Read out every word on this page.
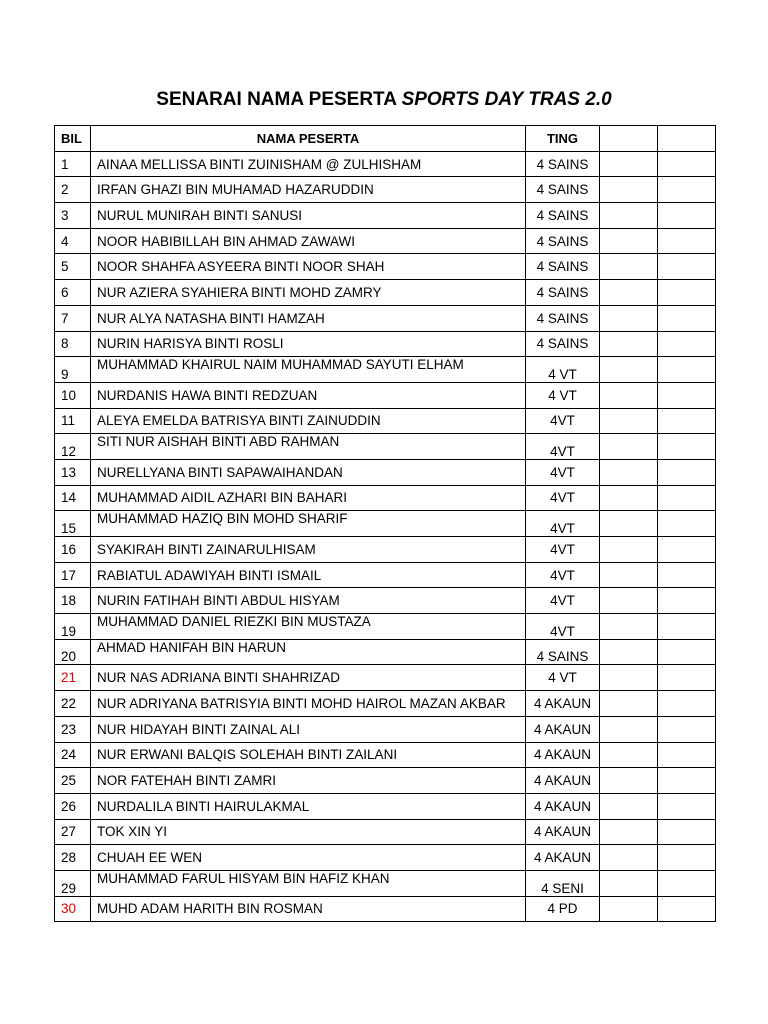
SENARAI NAMA PESERTA SPORTS DAY TRAS 2.0
BIL	NAMA PESERTA	TING		
1	AINAA MELLISSA BINTI ZUINISHAM @ ZULHISHAM	4 SAINS		
2	IRFAN GHAZI BIN MUHAMAD HAZARUDDIN	4 SAINS		
3	NURUL MUNIRAH BINTI SANUSI	4 SAINS		
4	NOOR HABIBILLAH BIN AHMAD ZAWAWI	4 SAINS		
5	NOOR SHAHFA ASYEERA BINTI NOOR SHAH	4 SAINS		
6	NUR AZIERA SYAHIERA BINTI MOHD ZAMRY	4 SAINS		
7	NUR ALYA NATASHA BINTI HAMZAH	4 SAINS		
8	NURIN HARISYA BINTI ROSLI	4 SAINS		
9	MUHAMMAD KHAIRUL NAIM MUHAMMAD SAYUTI ELHAM	4 VT		
10	NURDANIS HAWA BINTI REDZUAN	4 VT		
11	ALEYA EMELDA BATRISYA BINTI ZAINUDDIN	4VT		
12	SITI NUR AISHAH BINTI ABD RAHMAN	4VT		
13	NURELLYANA BINTI SAPAWAIHANDAN	4VT		
14	MUHAMMAD AIDIL AZHARI BIN BAHARI	4VT		
15	MUHAMMAD HAZIQ BIN MOHD SHARIF	4VT		
16	SYAKIRAH BINTI ZAINARULHISAM	4VT		
17	RABIATUL ADAWIYAH BINTI ISMAIL	4VT		
18	NURIN FATIHAH BINTI ABDUL HISYAM	4VT		
19	MUHAMMAD DANIEL RIEZKI BIN MUSTAZA	4VT		
20	AHMAD HANIFAH BIN HARUN	4 SAINS		
21	NUR NAS ADRIANA BINTI SHAHRIZAD	4 VT		
22	NUR ADRIYANA BATRISYIA BINTI MOHD HAIROL MAZAN AKBAR	4 AKAUN		
23	NUR HIDAYAH BINTI ZAINAL ALI	4 AKAUN		
24	NUR ERWANI BALQIS SOLEHAH BINTI ZAILANI	4 AKAUN		
25	NOR FATEHAH BINTI ZAMRI	4 AKAUN		
26	NURDALILA BINTI HAIRULAKMAL	4 AKAUN		
27	TOK XIN YI	4 AKAUN		
28	CHUAH EE WEN	4 AKAUN		
29	MUHAMMAD FARUL HISYAM BIN HAFIZ KHAN	4 SENI		
30	MUHD ADAM HARITH BIN ROSMAN	4 PD		
